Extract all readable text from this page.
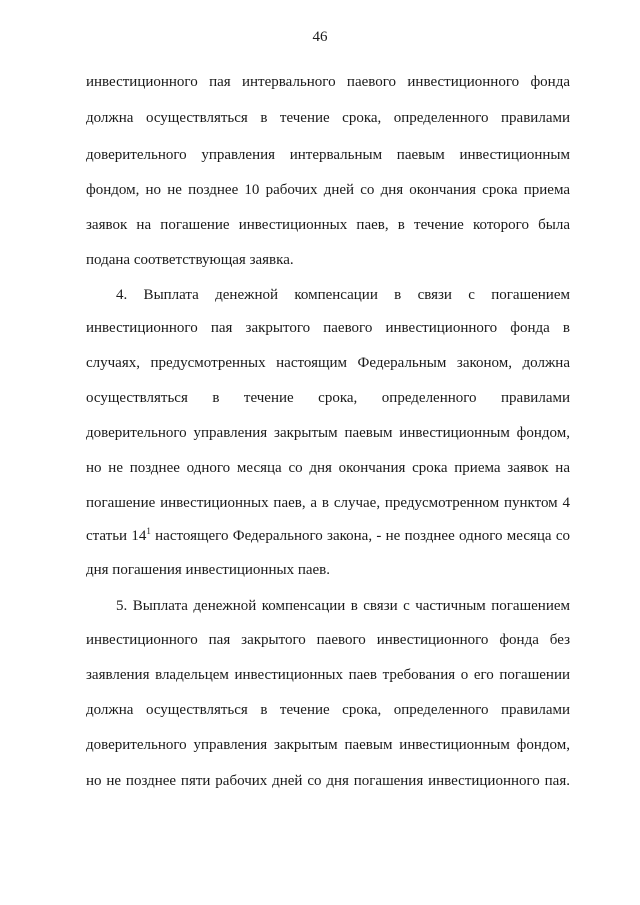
46
инвестиционного пая интервального паевого инвестиционного фонда
должна осуществляться в течение срока, определенного правилами
доверительного управления интервальным паевым инвестиционным
фондом, но не позднее 10 рабочих дней со дня окончания срока приема
заявок на погашение инвестиционных паев, в течение которого была
подана соответствующая заявка.
4. Выплата денежной компенсации в связи с погашением
инвестиционного пая закрытого паевого инвестиционного фонда в
случаях, предусмотренных настоящим Федеральным законом, должна
осуществляться в течение срока, определенного правилами
доверительного управления закрытым паевым инвестиционным фондом,
но не позднее одного месяца со дня окончания срока приема заявок на
погашение инвестиционных паев, а в случае, предусмотренном пунктом 4
статьи $14^1$ настоящего Федерального закона, - не позднее одного месяца со
дня погашения инвестиционных паев.
5. Выплата денежной компенсации в связи с частичным погашением
инвестиционного пая закрытого паевого инвестиционного фонда без
заявления владельцем инвестиционных паев требования о его погашении
должна осуществляться в течение срока, определенного правилами
доверительного управления закрытым паевым инвестиционным фондом,
но не позднее пяти рабочих дней со дня погашения инвестиционного пая.
